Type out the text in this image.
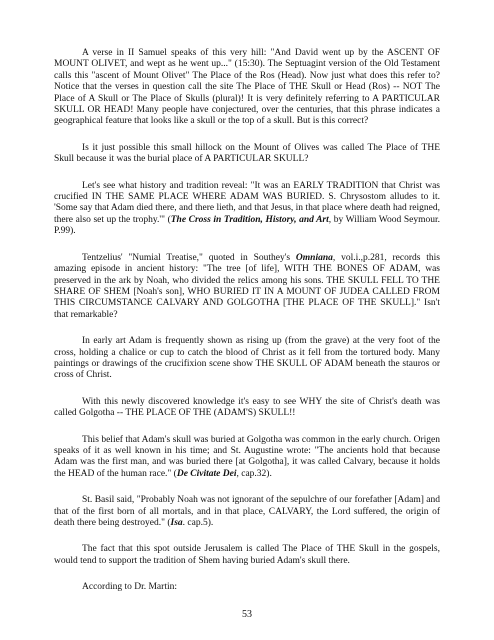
A verse in II Samuel speaks of this very hill: "And David went up by the ASCENT OF MOUNT OLIVET, and wept as he went up..." (15:30). The Septuagint version of the Old Testament calls this "ascent of Mount Olivet" The Place of the Ros (Head). Now just what does this refer to? Notice that the verses in question call the site The Place of THE Skull or Head (Ros) -- NOT The Place of A Skull or The Place of Skulls (plural)! It is very definitely referring to A PARTICULAR SKULL OR HEAD! Many people have conjectured, over the centuries, that this phrase indicates a geographical feature that looks like a skull or the top of a skull. But is this correct?

Is it just possible this small hillock on the Mount of Olives was called The Place of THE Skull because it was the burial place of A PARTICULAR SKULL?

Let's see what history and tradition reveal: "It was an EARLY TRADITION that Christ was crucified IN THE SAME PLACE WHERE ADAM WAS BURIED. S. Chrysostom alludes to it. 'Some say that Adam died there, and there lieth, and that Jesus, in that place where death had reigned, there also set up the trophy.'" (The Cross in Tradition, History, and Art, by William Wood Seymour. P.99).

Tentzelius' "Numial Treatise," quoted in Southey's Omniana, vol.i.,p.281, records this amazing episode in ancient history: "The tree [of life], WITH THE BONES OF ADAM, was preserved in the ark by Noah, who divided the relics among his sons. THE SKULL FELL TO THE SHARE OF SHEM [Noah's son], WHO BURIED IT IN A MOUNT OF JUDEA CALLED FROM THIS CIRCUMSTANCE CALVARY AND GOLGOTHA [THE PLACE OF THE SKULL]." Isn't that remarkable?

In early art Adam is frequently shown as rising up (from the grave) at the very foot of the cross, holding a chalice or cup to catch the blood of Christ as it fell from the tortured body. Many paintings or drawings of the crucifixion scene show THE SKULL OF ADAM beneath the stauros or cross of Christ.

With this newly discovered knowledge it's easy to see WHY the site of Christ's death was called Golgotha -- THE PLACE OF THE (ADAM'S) SKULL!!

This belief that Adam's skull was buried at Golgotha was common in the early church. Origen speaks of it as well known in his time; and St. Augustine wrote: "The ancients hold that because Adam was the first man, and was buried there [at Golgotha], it was called Calvary, because it holds the HEAD of the human race." (De Civitate Dei, cap.32).

St. Basil said, "Probably Noah was not ignorant of the sepulchre of our forefather [Adam] and that of the first born of all mortals, and in that place, CALVARY, the Lord suffered, the origin of death there being destroyed." (Isa. cap.5).

The fact that this spot outside Jerusalem is called The Place of THE Skull in the gospels, would tend to support the tradition of Shem having buried Adam's skull there.

According to Dr. Martin:

53
